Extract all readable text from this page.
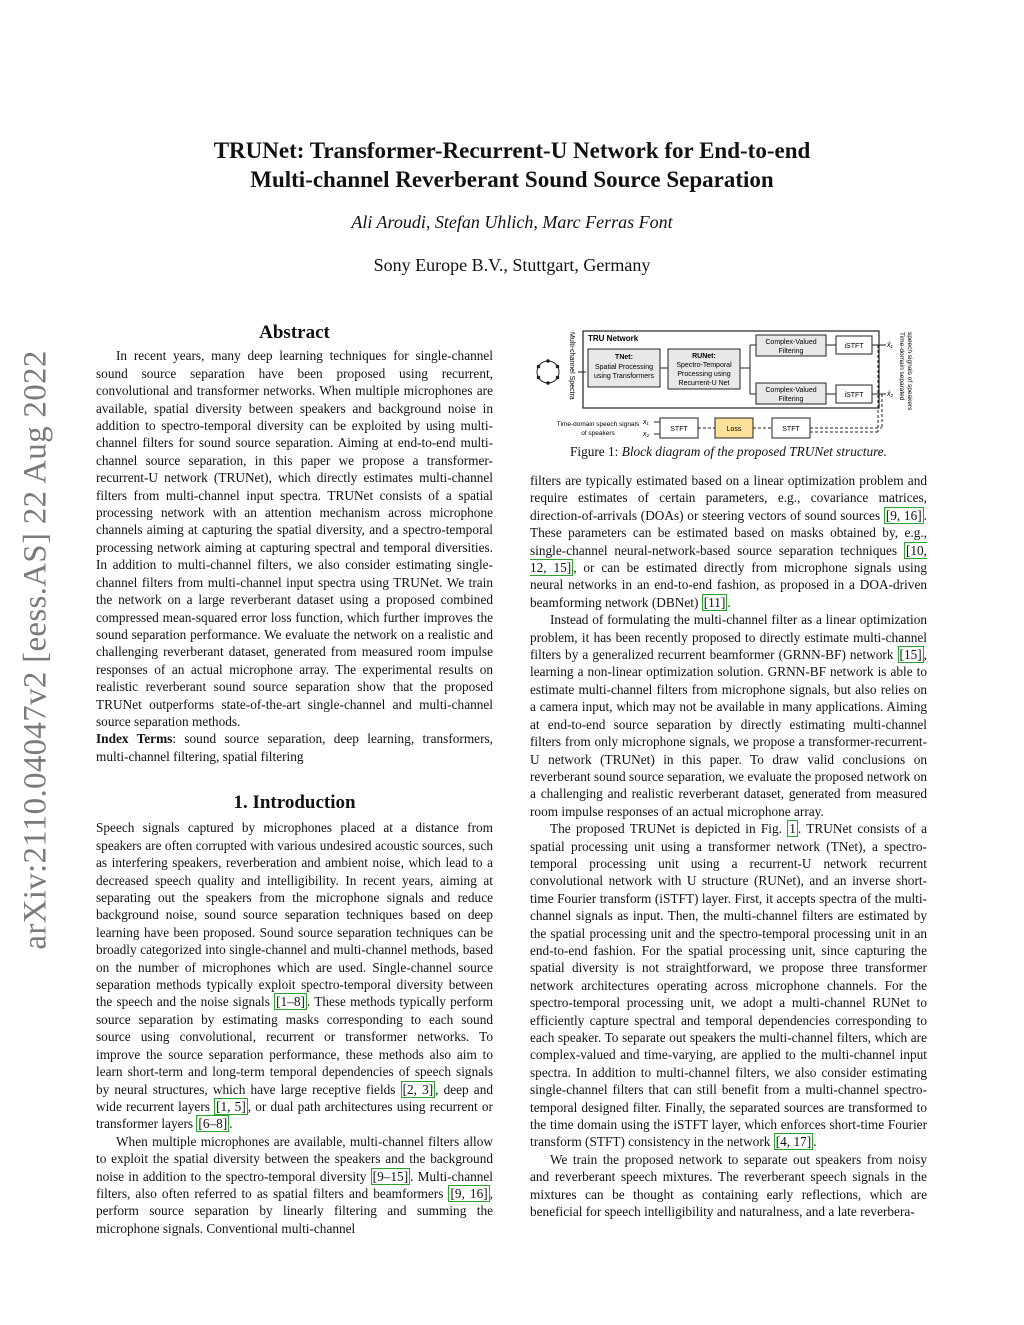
arXiv:2110.04047v2 [eess.AS] 22 Aug 2022
TRUNet: Transformer-Recurrent-U Network for End-to-end
Multi-channel Reverberant Sound Source Separation
Ali Aroudi, Stefan Uhlich, Marc Ferras Font
Sony Europe B.V., Stuttgart, Germany

Abstract

In recent years, many deep learning techniques for single-channel sound source separation have been proposed using recurrent, convolutional and transformer networks. When multiple microphones are available, spatial diversity between speakers and background noise in addition to spectro-temporal diversity can be exploited by using multi-channel filters for sound source separation. Aiming at end-to-end multi-channel source separation, in this paper we propose a transformer-recurrent-U network (TRUNet), which directly estimates multi-channel filters from multi-channel input spectra. TRUNet consists of a spatial processing network with an attention mechanism across microphone channels aiming at capturing the spatial diversity, and a spectro-temporal processing network aiming at capturing spectral and temporal diversities. In addition to multi-channel filters, we also consider estimating single-channel filters from multi-channel input spectra using TRUNet. We train the network on a large reverberant dataset using a proposed combined compressed mean-squared error loss function, which further improves the sound separation performance. We evaluate the network on a realistic and challenging reverberant dataset, generated from measured room impulse responses of an actual microphone array. The experimental results on realistic reverberant sound source separation show that the proposed TRUNet outperforms state-of-the-art single-channel and multi-channel source separation methods.

Index Terms: sound source separation, deep learning, transformers, multi-channel filtering, spatial filtering

1. Introduction

Speech signals captured by microphones placed at a distance from speakers are often corrupted with various undesired acoustic sources, such as interfering speakers, reverberation and ambient noise, which lead to a decreased speech quality and intelligibility. In recent years, aiming at separating out the speakers from the microphone signals and reduce background noise, sound source separation techniques based on deep learning have been proposed. Sound source separation techniques can be broadly categorized into single-channel and multi-channel methods, based on the number of microphones which are used. Single-channel source separation methods typically exploit spectro-temporal diversity between the speech and the noise signals [1–8] . These methods typically perform source separation by estimating masks corresponding to each sound source using convolutional, recurrent or transformer networks. To improve the source separation performance, these methods also aim to learn short-term and long-term temporal dependencies of speech signals by neural structures, which have large receptive fields [2, 3] , deep and wide recurrent layers [1, 5] , or dual path architectures using recurrent or transformer layers [6–8] .

When multiple microphones are available, multi-channel filters allow to exploit the spatial diversity between the speakers and the background noise in addition to the spectro-temporal diversity [9–15] . Multi-channel filters, also often referred to as spatial filters and beamformers [9, 16] , perform source separation by linearly filtering and summing the microphone signals. Conventional multi-channel

Multi-channel Spectra TRU Network
TNet:
Spatial Processing
using Transformers
RUNet:
Spectro-Temporal
Processing using
Recurrent-U Net
Complex-Valued
Filtering
Complex-Valued
Filtering
iSTFT
iSTFT
x̂₁
x̂₂ Time-domain separated speech signals of speakers
Time-domain speech signals
of speakers
x₁
x₂
STFT	Loss	STFT
Figure 1: Block diagram of the proposed TRUNet structure.

filters are typically estimated based on a linear optimization problem and require estimates of certain parameters, e.g., covariance matrices, direction-of-arrivals (DOAs) or steering vectors of sound sources [9, 16] . These parameters can be estimated based on masks obtained by, e.g., single-channel neural-network-based source separation techniques [10, 12, 15] , or can be estimated directly from microphone signals using neural networks in an end-to-end fashion, as proposed in a DOA-driven beamforming network (DBNet) [11] .

Instead of formulating the multi-channel filter as a linear optimization problem, it has been recently proposed to directly estimate multi-channel filters by a generalized recurrent beamformer (GRNN-BF) network [15] , learning a non-linear optimization solution. GRNN-BF network is able to estimate multi-channel filters from microphone signals, but also relies on a camera input, which may not be available in many applications. Aiming at end-to-end source separation by directly estimating multi-channel filters from only microphone signals, we propose a transformer-recurrent-U network (TRUNet) in this paper. To draw valid conclusions on reverberant sound source separation, we evaluate the proposed network on a challenging and realistic reverberant dataset, generated from measured room impulse responses of an actual microphone array.

The proposed TRUNet is depicted in Fig. 1 . TRUNet consists of a spatial processing unit using a transformer network (TNet), a spectro-temporal processing unit using a recurrent-U network recurrent convolutional network with U structure (RUNet), and an inverse short-time Fourier transform (iSTFT) layer. First, it accepts spectra of the multi-channel signals as input. Then, the multi-channel filters are estimated by the spatial processing unit and the spectro-temporal processing unit in an end-to-end fashion. For the spatial processing unit, since capturing the spatial diversity is not straightforward, we propose three transformer network architectures operating across microphone channels. For the spectro-temporal processing unit, we adopt a multi-channel RUNet to efficiently capture spectral and temporal dependencies corresponding to each speaker. To separate out speakers the multi-channel filters, which are complex-valued and time-varying, are applied to the multi-channel input spectra. In addition to multi-channel filters, we also consider estimating single-channel filters that can still benefit from a multi-channel spectro-temporal designed filter. Finally, the separated sources are transformed to the time domain using the iSTFT layer, which enforces short-time Fourier transform (STFT) consistency in the network [4, 17] .

We train the proposed network to separate out speakers from noisy and reverberant speech mixtures. The reverberant speech signals in the mixtures can be thought as containing early reflections, which are beneficial for speech intelligibility and naturalness, and a late reverbera-
